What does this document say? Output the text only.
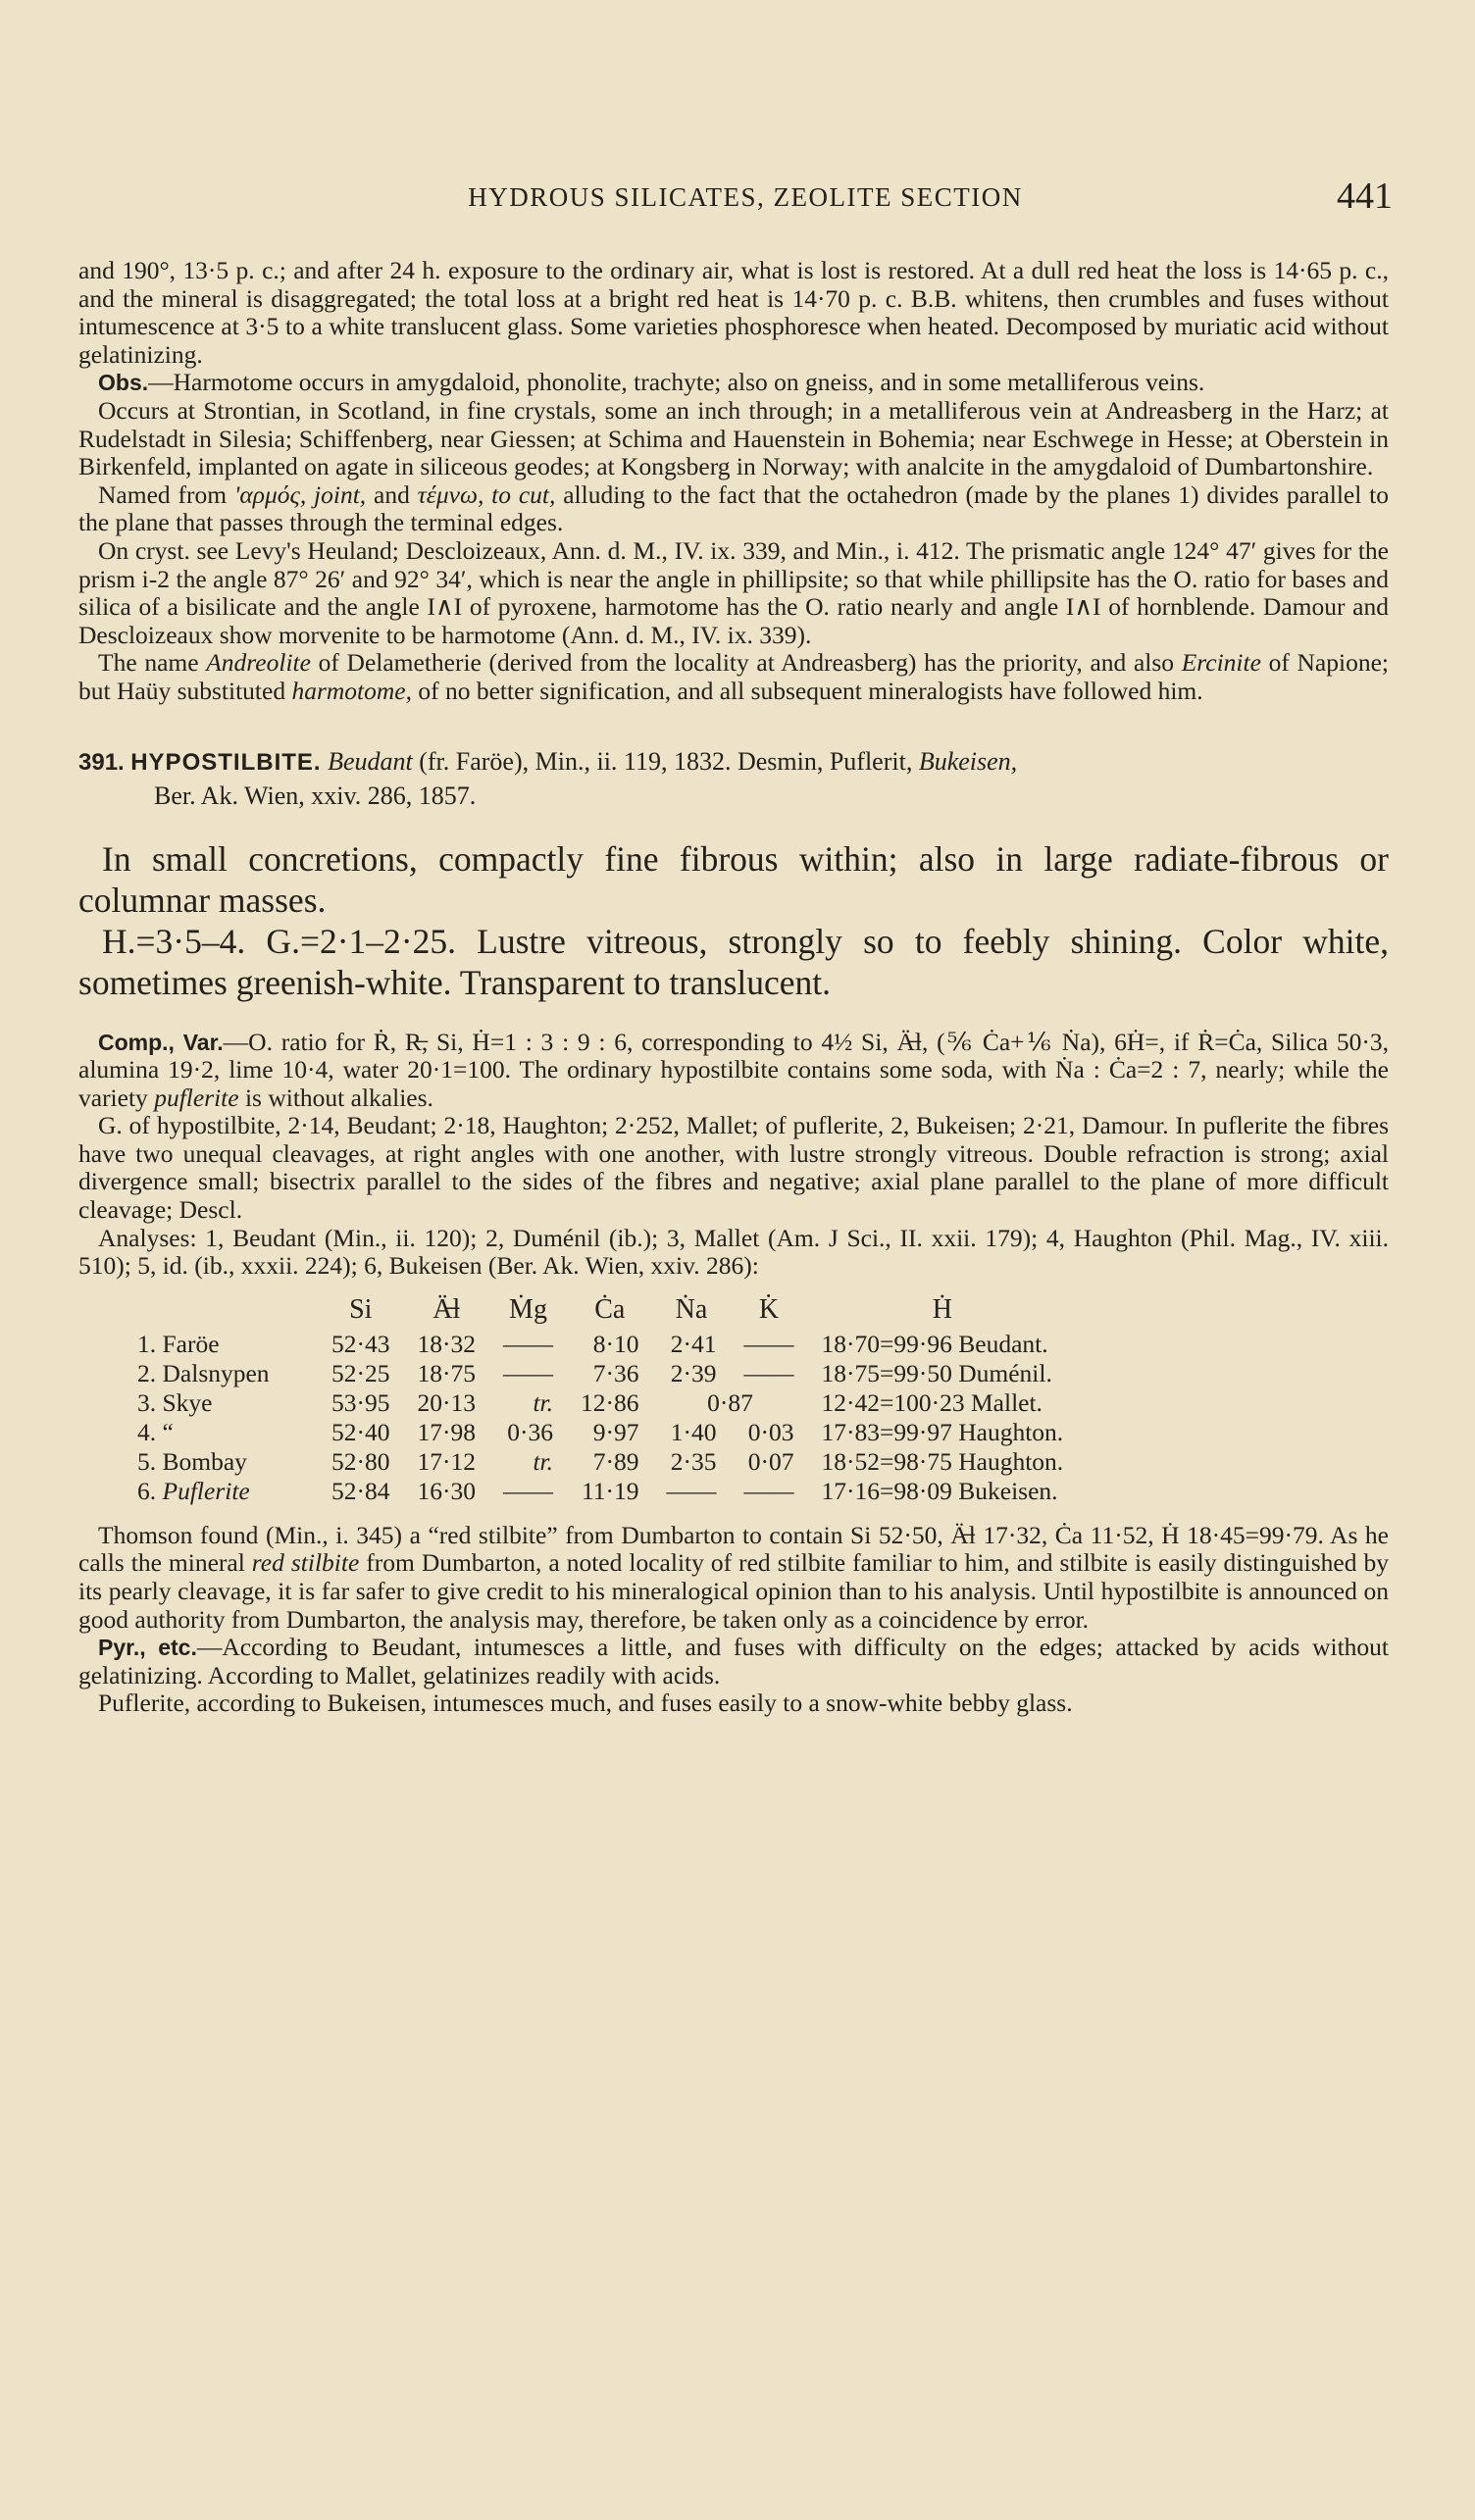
HYDROUS SILICATES, ZEOLITE SECTION	441

and 190°, 13·5 p. c.; and after 24 h. exposure to the ordinary air, what is lost is restored. At a dull red heat the loss is 14·65 p. c., and the mineral is disaggregated; the total loss at a bright red heat is 14·70 p. c. B.B. whitens, then crumbles and fuses without intumescence at 3·5 to a white translucent glass. Some varieties phosphoresce when heated. Decomposed by muriatic acid without gelatinizing.

Obs.—Harmotome occurs in amygdaloid, phonolite, trachyte; also on gneiss, and in some metalliferous veins.

Occurs at Strontian, in Scotland, in fine crystals, some an inch through; in a metalliferous vein at Andreasberg in the Harz; at Rudelstadt in Silesia; Schiffenberg, near Giessen; at Schima and Hauenstein in Bohemia; near Eschwege in Hesse; at Oberstein in Birkenfeld, implanted on agate in siliceous geodes; at Kongsberg in Norway; with analcite in the amygdaloid of Dumbartonshire.

Named from 'αρμός, joint, and τέμνω, to cut, alluding to the fact that the octahedron (made by the planes 1) divides parallel to the plane that passes through the terminal edges.

On cryst. see Levy's Heuland; Descloizeaux, Ann. d. M., IV. ix. 339, and Min., i. 412. The prismatic angle 124° 47′ gives for the prism i-2 the angle 87° 26′ and 92° 34′, which is near the angle in phillipsite; so that while phillipsite has the O. ratio for bases and silica of a bisilicate and the angle I∧I of pyroxene, harmotome has the O. ratio nearly and angle I∧I of hornblende. Damour and Descloizeaux show morvenite to be harmotome (Ann. d. M., IV. ix. 339).

The name Andreolite of Delametherie (derived from the locality at Andreasberg) has the priority, and also Ercinite of Napione; but Haüy substituted harmotome, of no better signification, and all subsequent mineralogists have followed him.

391. HYPOSTILBITE. Beudant (fr. Faröe), Min., ii. 119, 1832. Desmin, Puflerit, Bukeisen,

Ber. Ak. Wien, xxiv. 286, 1857.

In small concretions, compactly fine fibrous within; also in large radiate-fibrous or columnar masses.

H.=3·5–4. G.=2·1–2·25. Lustre vitreous, strongly so to feebly shining. Color white, sometimes greenish-white. Transparent to translucent.

Comp., Var.—O. ratio for Ṙ, R̶, Si, Ḣ=1 : 3 : 9 : 6, corresponding to 4½ Si, Ä̶l, (⅚ Ċa+⅙ Ṅa), 6Ḣ=, if Ṙ=Ċa, Silica 50·3, alumina 19·2, lime 10·4, water 20·1=100. The ordinary hypostilbite contains some soda, with Ṅa : Ċa=2 : 7, nearly; while the variety puflerite is without alkalies.

G. of hypostilbite, 2·14, Beudant; 2·18, Haughton; 2·252, Mallet; of puflerite, 2, Bukeisen; 2·21, Damour. In puflerite the fibres have two unequal cleavages, at right angles with one another, with lustre strongly vitreous. Double refraction is strong; axial divergence small; bisectrix parallel to the sides of the fibres and negative; axial plane parallel to the plane of more difficult cleavage; Descl.

Analyses: 1, Beudant (Min., ii. 120); 2, Duménil (ib.); 3, Mallet (Am. J Sci., II. xxii. 179); 4, Haughton (Phil. Mag., IV. xiii. 510); 5, id. (ib., xxxii. 224); 6, Bukeisen (Ber. Ak. Wien, xxiv. 286):

	Si	Ä̶l	Ṁg	Ċa	Ṅa	K̇	Ḣ
1. Faröe	52·43	18·32	——	8·10	2·41	——	18·70=99·96 Beudant.
2. Dalsnypen	52·25	18·75	——	7·36	2·39	——	18·75=99·50 Duménil.
3. Skye	53·95	20·13	tr.	12·86	0·87		12·42=100·23 Mallet.
4. “	52·40	17·98	0·36	9·97	1·40	0·03	17·83=99·97 Haughton.
5. Bombay	52·80	17·12	tr.	7·89	2·35	0·07	18·52=98·75 Haughton.
6. Puflerite	52·84	16·30	——	11·19	——	——	17·16=98·09 Bukeisen.

Thomson found (Min., i. 345) a “red stilbite” from Dumbarton to contain Si 52·50, Ä̶l 17·32, Ċa 11·52, Ḣ 18·45=99·79. As he calls the mineral red stilbite from Dumbarton, a noted locality of red stilbite familiar to him, and stilbite is easily distinguished by its pearly cleavage, it is far safer to give credit to his mineralogical opinion than to his analysis. Until hypostilbite is announced on good authority from Dumbarton, the analysis may, therefore, be taken only as a coincidence by error.

Pyr., etc.—According to Beudant, intumesces a little, and fuses with difficulty on the edges; attacked by acids without gelatinizing. According to Mallet, gelatinizes readily with acids.

Puflerite, according to Bukeisen, intumesces much, and fuses easily to a snow-white bebby glass.
